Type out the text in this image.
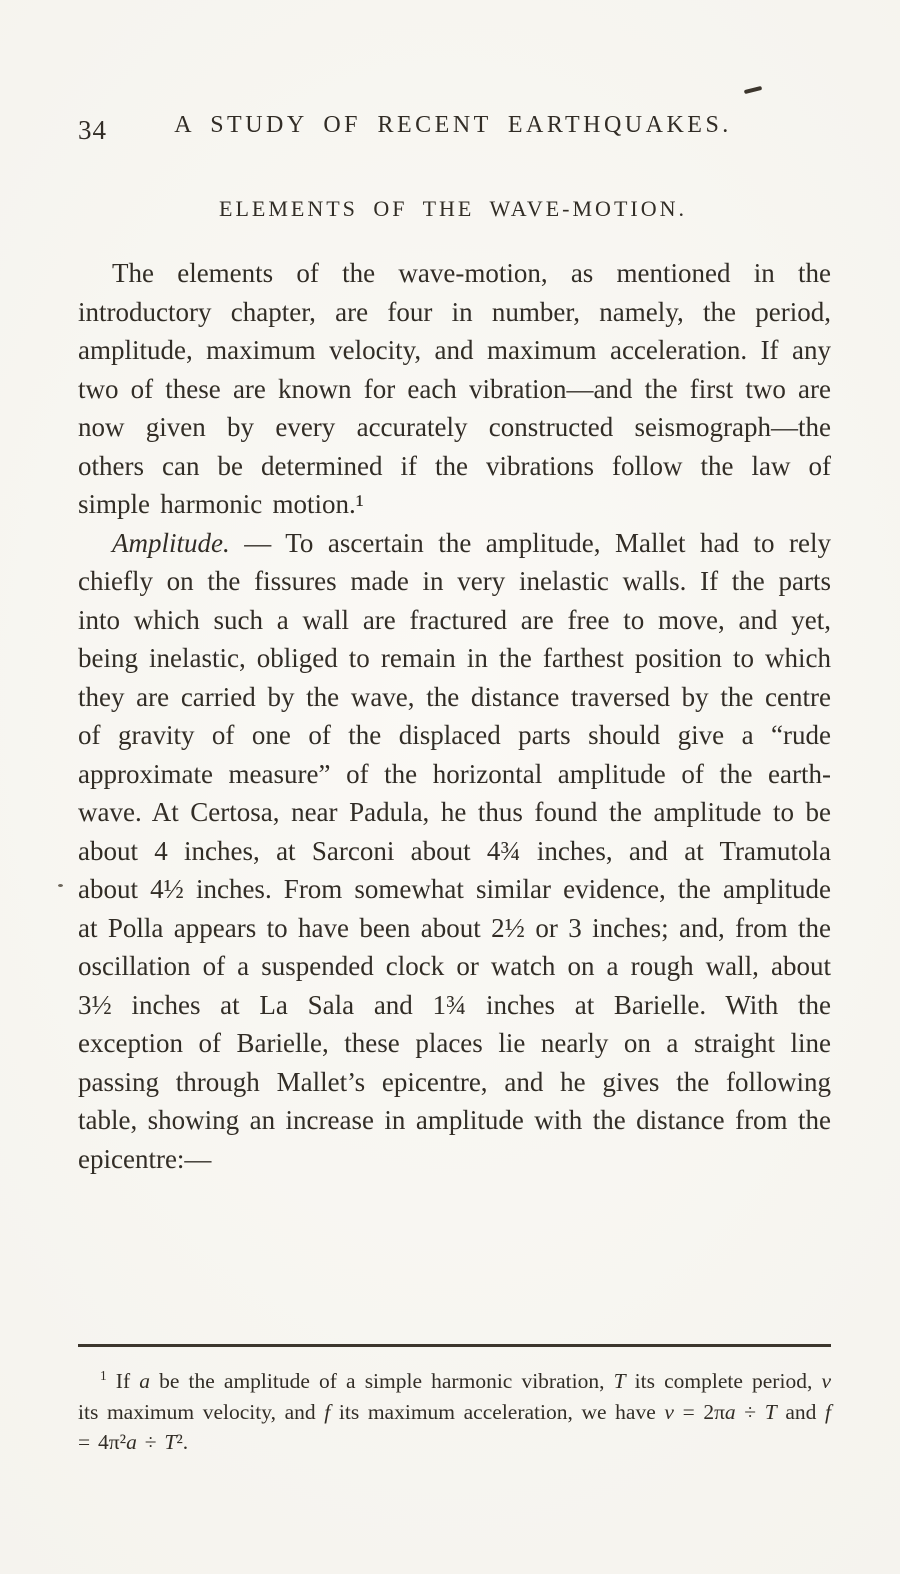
34	A STUDY OF RECENT EARTHQUAKES.
ELEMENTS OF THE WAVE-MOTION.

The elements of the wave-motion, as mentioned in the introductory chapter, are four in number, namely, the period, amplitude, maximum velocity, and maximum acceleration. If any two of these are known for each vibration—and the first two are now given by every accurately constructed seismograph—the others can be determined if the vibrations follow the law of simple harmonic motion.¹

Amplitude. — To ascertain the amplitude, Mallet had to rely chiefly on the fissures made in very inelastic walls. If the parts into which such a wall are fractured are free to move, and yet, being inelastic, obliged to remain in the farthest position to which they are carried by the wave, the distance traversed by the centre of gravity of one of the displaced parts should give a “rude approximate measure” of the horizontal amplitude of the earth-wave. At Certosa, near Padula, he thus found the amplitude to be about 4 inches, at Sarconi about 4¾ inches, and at Tramutola about 4½ inches. From somewhat similar evidence, the amplitude at Polla appears to have been about 2½ or 3 inches; and, from the oscillation of a suspended clock or watch on a rough wall, about 3½ inches at La Sala and 1¾ inches at Barielle. With the exception of Barielle, these places lie nearly on a straight line passing through Mallet’s epicentre, and he gives the following table, showing an increase in amplitude with the distance from the epicentre:—

$^1$ If a be the amplitude of a simple harmonic vibration, T its complete period, v its maximum velocity, and f its maximum acceleration, we have v = 2πa ÷ T and f = 4π²a ÷ T².
